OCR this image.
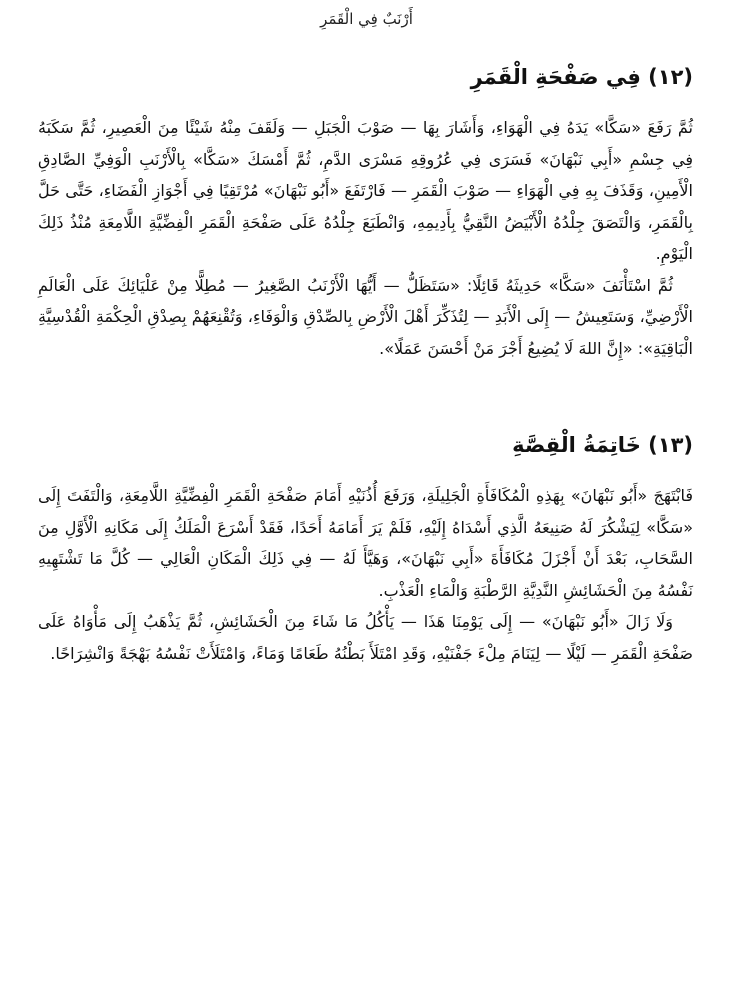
أَرْنَبٌ فِي الْقَمَرِ
(١٢) فِي صَفْحَةِ الْقَمَرِ

ثُمَّ رَفَعَ «سَكَّا» يَدَهُ فِي الْهَوَاءِ، وَأَشَارَ بِهَا — صَوْبَ الْجَبَلِ — وَلَقَفَ مِنْهُ شَيْئًا مِنَ الْعَصِيرِ، ثُمَّ سَكَبَهُ فِي جِسْمِ «أَبِي نَبْهَانَ» فَسَرَى فِي عُرُوقِهِ مَسْرَى الدَّمِ، ثُمَّ أَمْسَكَ «سَكَّا» بِالْأَرْنَبِ الْوَفِيِّ الصَّادِقِ الْأَمِينِ، وَقَذَفَ بِهِ فِي الْهَوَاءِ — صَوْبَ الْقَمَرِ — فَارْتَفَعَ «أَبُو نَبْهَانَ» مُرْتَقِيًا فِي أَجْوَازِ الْفَضَاءِ، حَتَّى حَلَّ بِالْقَمَرِ، وَالْتَصَقَ جِلْدُهُ الْأَبْيَضُ النَّقِيُّ بِأَدِيمِهِ، وَانْطَبَعَ جِلْدُهُ عَلَى صَفْحَةِ الْقَمَرِ الْفِضِّيَّةِ اللَّامِعَةِ مُنْذُ ذَلِكَ الْيَوْمِ.

ثُمَّ اسْتَأْنَفَ «سَكَّا» حَدِيثَهُ قَائِلًا: «سَتَظَلُّ — أَيُّهَا الْأَرْنَبُ الصَّغِيرُ — مُطِلًّا مِنْ عَلْيَائِكَ عَلَى الْعَالَمِ الْأَرْضِيِّ، وَسَتَعِيشُ — إِلَى الْأَبَدِ — لِتُذَكِّرَ أَهْلَ الْأَرْضِ بِالصِّدْقِ وَالْوَفَاءِ، وَتُقْنِعَهُمْ بِصِدْقِ الْحِكْمَةِ الْقُدْسِيَّةِ الْبَاقِيَةِ»: «إِنَّ اللهَ لَا يُضِيعُ أَجْرَ مَنْ أَحْسَنَ عَمَلًا».

(١٣) خَاتِمَةُ الْقِصَّةِ

فَابْتَهَجَ «أَبُو نَبْهَانَ» بِهَذِهِ الْمُكَافَأَةِ الْجَلِيلَةِ، وَرَفَعَ أُذُنَيْهِ أَمَامَ صَفْحَةِ الْقَمَرِ الْفِضِّيَّةِ اللَّامِعَةِ، وَالْتَفَتَ إِلَى «سَكَّا» لِيَشْكُرَ لَهُ صَنِيعَهُ الَّذِي أَسْدَاهُ إِلَيْهِ، فَلَمْ يَرَ أَمَامَهُ أَحَدًا، فَقَدْ أَسْرَعَ الْمَلَكُ إِلَى مَكَانِهِ الْأَوَّلِ مِنَ السَّحَابِ، بَعْدَ أَنْ أَجْزَلَ مُكَافَأَةَ «أَبِي نَبْهَانَ»، وَهَيَّأَ لَهُ — فِي ذَلِكَ الْمَكَانِ الْعَالِي — كُلَّ مَا تَشْتَهِيهِ نَفْسُهُ مِنَ الْحَشَائِشِ النَّدِيَّةِ الرَّطْبَةِ وَالْمَاءِ الْعَذْبِ.

وَلَا زَالَ «أَبُو نَبْهَانَ» — إِلَى يَوْمِنَا هَذَا — يَأْكُلُ مَا شَاءَ مِنَ الْحَشَائِشِ، ثُمَّ يَذْهَبُ إِلَى مَأْوَاهُ عَلَى صَفْحَةِ الْقَمَرِ — لَيْلًا — لِيَنَامَ مِلْءَ جَفْنَيْهِ، وَقَدِ امْتَلَأَ بَطْنُهُ طَعَامًا وَمَاءً، وَامْتَلَأَتْ نَفْسُهُ بَهْجَةً وَانْشِرَاحًا.
